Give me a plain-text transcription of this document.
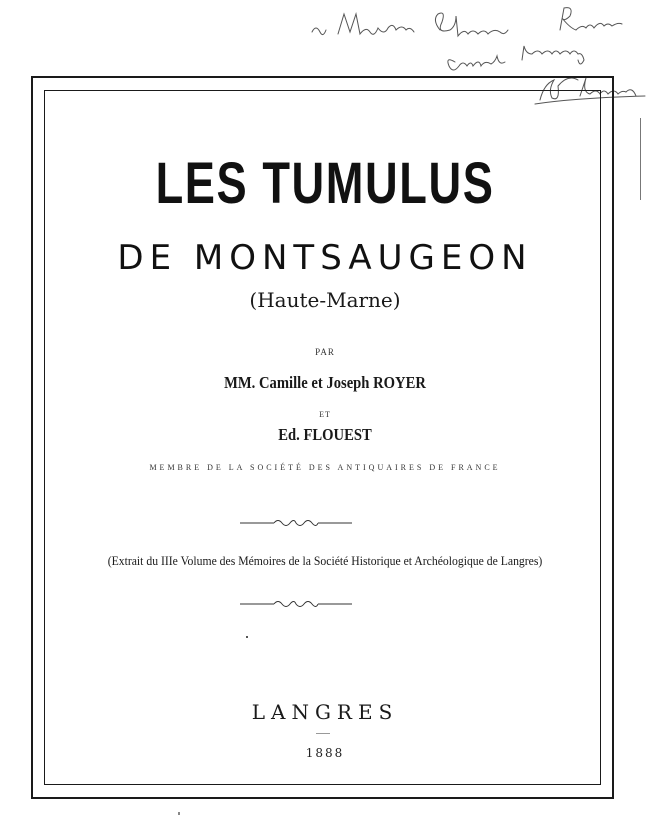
LES TUMULUS
DE MONTSAUGEON
(Haute-Marne)
PAR
MM. Camille et Joseph ROYER
ET
Ed. FLOUEST
MEMBRE DE LA SOCIÉTÉ DES ANTIQUAIRES DE FRANCE
(Extrait du IIIe Volume des Mémoires de la Société Historique et Archéologique de Langres)
LANGRES
1888
